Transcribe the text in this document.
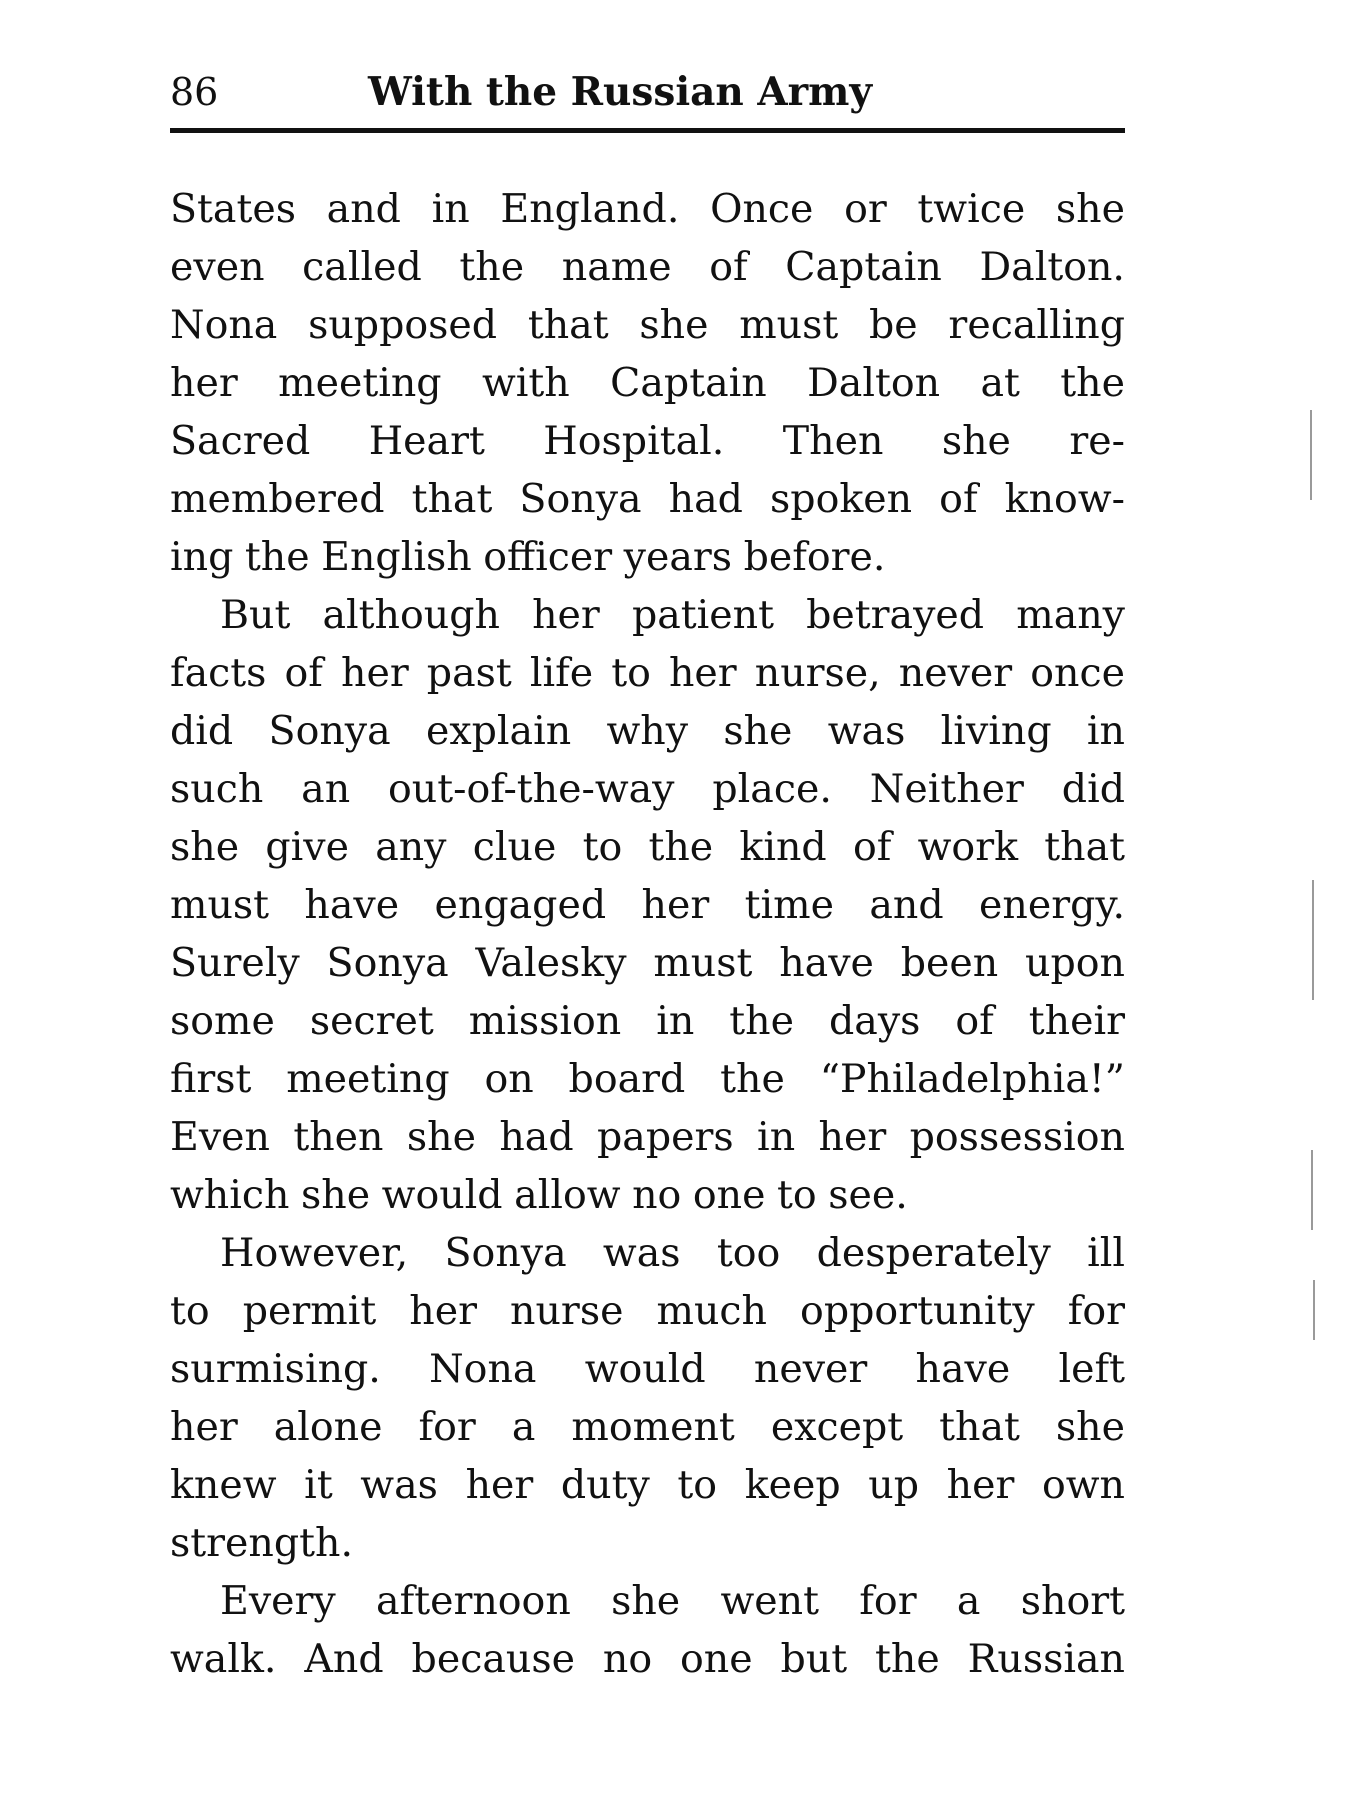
86	With the Russian Army
States and in England. Once or twice she
even called the name of Captain Dalton.
Nona supposed that she must be recalling
her meeting with Captain Dalton at the
Sacred Heart Hospital. Then she re-
membered that Sonya had spoken of know-
ing the English officer years before.
But although her patient betrayed many
facts of her past life to her nurse, never once
did Sonya explain why she was living in
such an out-of-the-way place. Neither did
she give any clue to the kind of work that
must have engaged her time and energy.
Surely Sonya Valesky must have been upon
some secret mission in the days of their
first meeting on board the “Philadelphia!”
Even then she had papers in her possession
which she would allow no one to see.
However, Sonya was too desperately ill
to permit her nurse much opportunity for
surmising. Nona would never have left
her alone for a moment except that she
knew it was her duty to keep up her own
strength.
Every afternoon she went for a short
walk. And because no one but the Russian
